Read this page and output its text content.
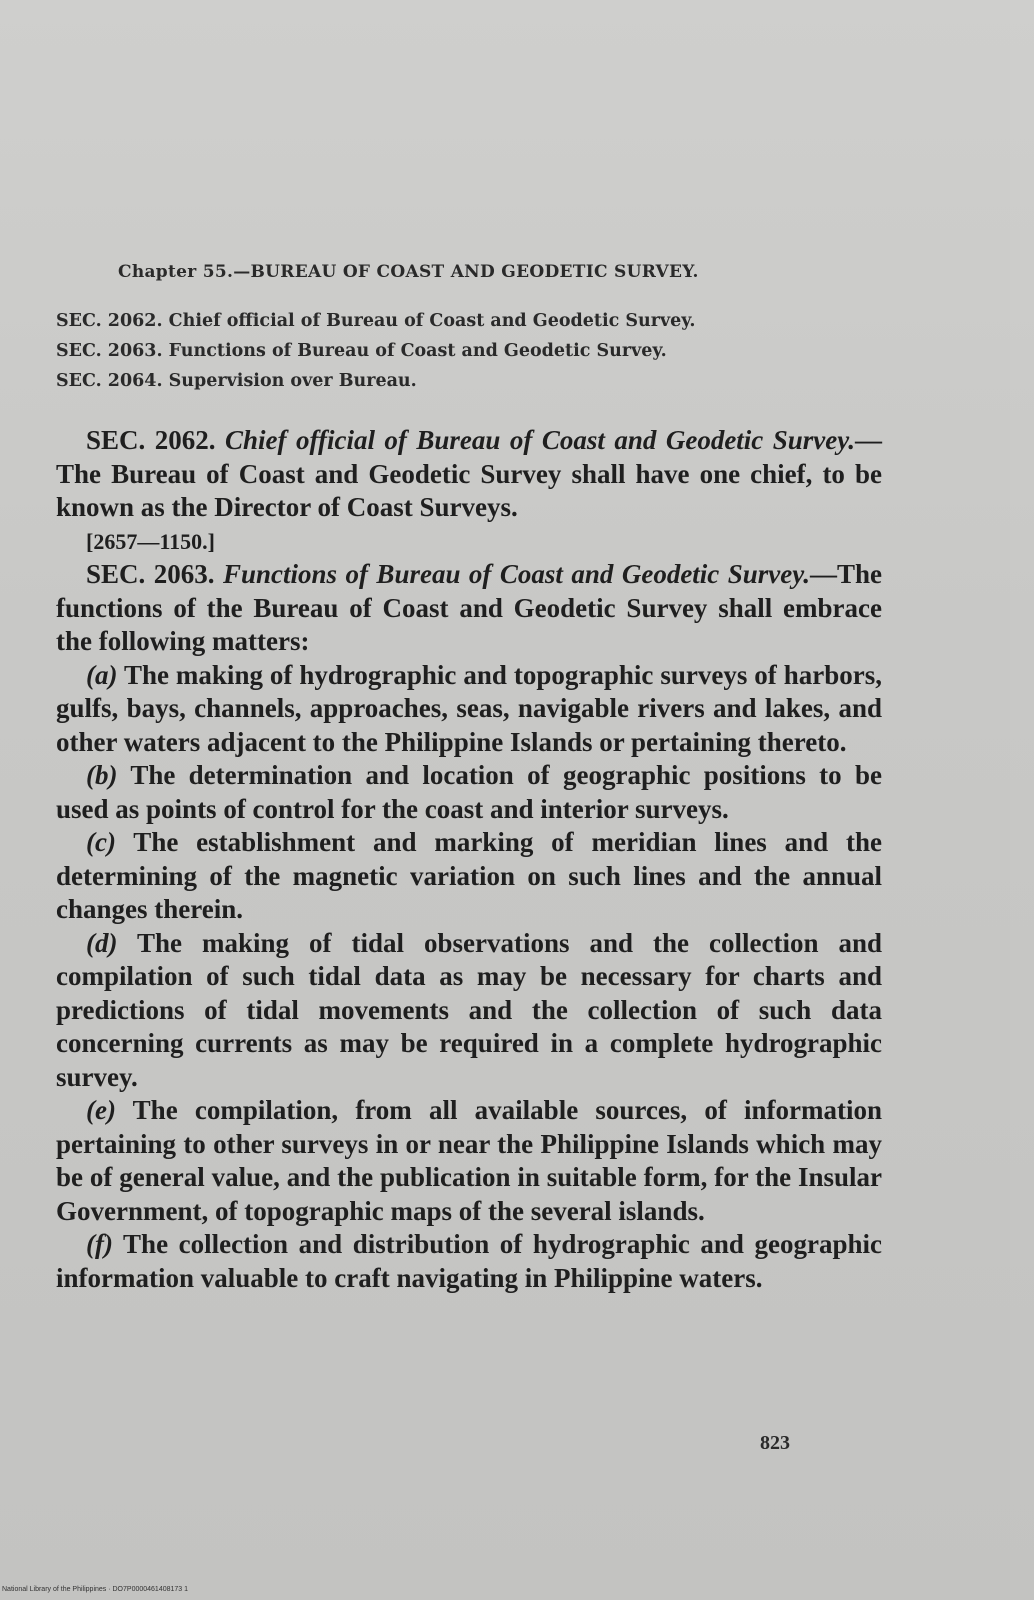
Chapter 55.—BUREAU OF COAST AND GEODETIC SURVEY.
SEC. 2062. Chief official of Bureau of Coast and Geodetic Survey.
SEC. 2063. Functions of Bureau of Coast and Geodetic Survey.
SEC. 2064. Supervision over Bureau.

SEC. 2062. Chief official of Bureau of Coast and Geodetic Survey.—The Bureau of Coast and Geodetic Survey shall have one chief, to be known as the Director of Coast Surveys.

[2657—1150.]

SEC. 2063. Functions of Bureau of Coast and Geodetic Survey.—The functions of the Bureau of Coast and Geodetic Survey shall embrace the following matters:

(a) The making of hydrographic and topographic surveys of harbors, gulfs, bays, channels, approaches, seas, navigable rivers and lakes, and other waters adjacent to the Philippine Islands or pertaining thereto.

(b) The determination and location of geographic positions to be used as points of control for the coast and interior surveys.

(c) The establishment and marking of meridian lines and the determining of the magnetic variation on such lines and the annual changes therein.

(d) The making of tidal observations and the collection and compilation of such tidal data as may be necessary for charts and predictions of tidal movements and the collection of such data concerning currents as may be required in a complete hydrographic survey.

(e) The compilation, from all available sources, of information pertaining to other surveys in or near the Philippine Islands which may be of general value, and the publication in suitable form, for the Insular Government, of topographic maps of the several islands.

(f) The collection and distribution of hydrographic and geographic information valuable to craft navigating in Philippine waters.

823
National Library of the Philippines · DO7P0000461408173 1
